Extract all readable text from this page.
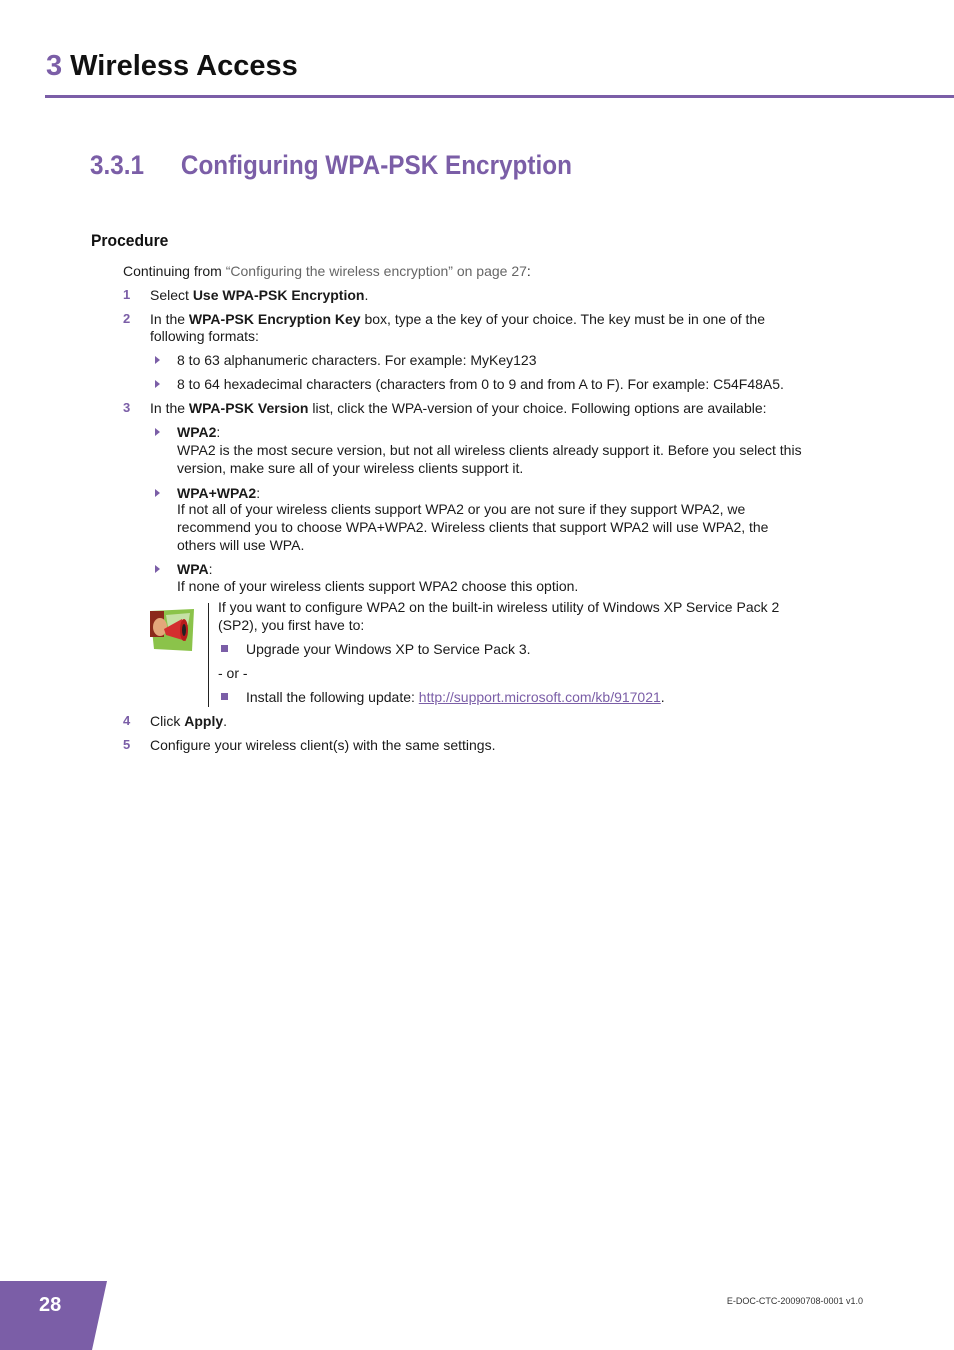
3 Wireless Access
3.3.1 Configuring WPA-PSK Encryption
Procedure
Continuing from “Configuring the wireless encryption” on page 27:
1 Select Use WPA-PSK Encryption.
2 In the WPA-PSK Encryption Key box, type a the key of your choice. The key must be in one of the
following formats:
8 to 63 alphanumeric characters. For example: MyKey123
8 to 64 hexadecimal characters (characters from 0 to 9 and from A to F). For example: C54F48A5.
3 In the WPA-PSK Version list, click the WPA-version of your choice. Following options are available:
WPA2:
WPA2 is the most secure version, but not all wireless clients already support it. Before you select this
version, make sure all of your wireless clients support it.
WPA+WPA2:
If not all of your wireless clients support WPA2 or you are not sure if they support WPA2, we
recommend you to choose WPA+WPA2. Wireless clients that support WPA2 will use WPA2, the
others will use WPA.
WPA:
If none of your wireless clients support WPA2 choose this option.
If you want to configure WPA2 on the built-in wireless utility of Windows XP Service Pack 2
(SP2), you first have to:
Upgrade your Windows XP to Service Pack 3.
- or -
Install the following update: http://support.microsoft.com/kb/917021.
4 Click Apply.
5 Configure your wireless client(s) with the same settings.
28	E-DOC-CTC-20090708-0001 v1.0
